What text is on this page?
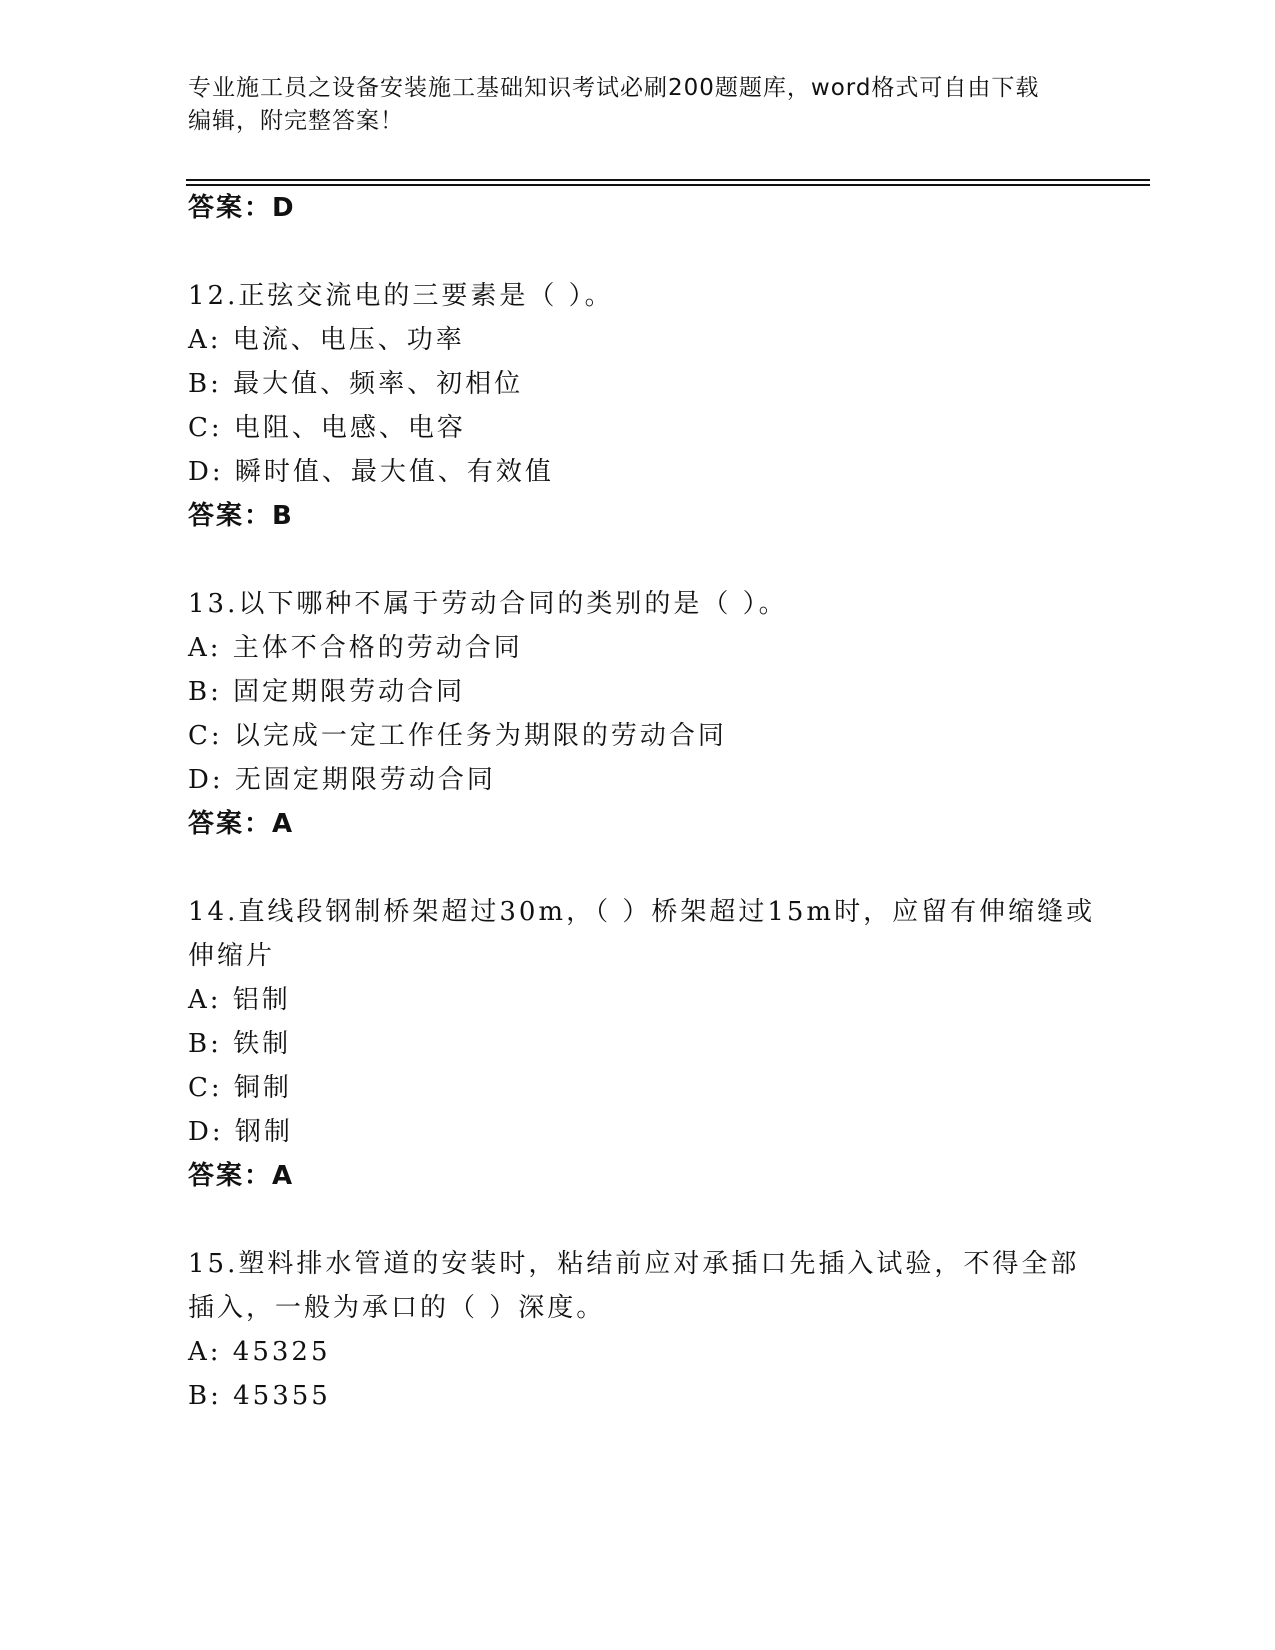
专业施工员之设备安装施工基础知识考试必刷200题题库，word格式可自由下载
编辑，附完整答案！
答案：D
12.正弦交流电的三要素是（ ）。
A: 电流、电压、功率
B: 最大值、频率、初相位
C: 电阻、电感、电容
D: 瞬时值、最大值、有效值
答案：B
13.以下哪种不属于劳动合同的类别的是（ ）。
A: 主体不合格的劳动合同
B: 固定期限劳动合同
C: 以完成一定工作任务为期限的劳动合同
D: 无固定期限劳动合同
答案：A
14.直线段钢制桥架超过30m，（ ）桥架超过15m时，应留有伸缩缝或
伸缩片
A: 铝制
B: 铁制
C: 铜制
D: 钢制
答案：A
15.塑料排水管道的安装时，粘结前应对承插口先插入试验，不得全部
插入，一般为承口的（ ）深度。
A: 45325
B: 45355
